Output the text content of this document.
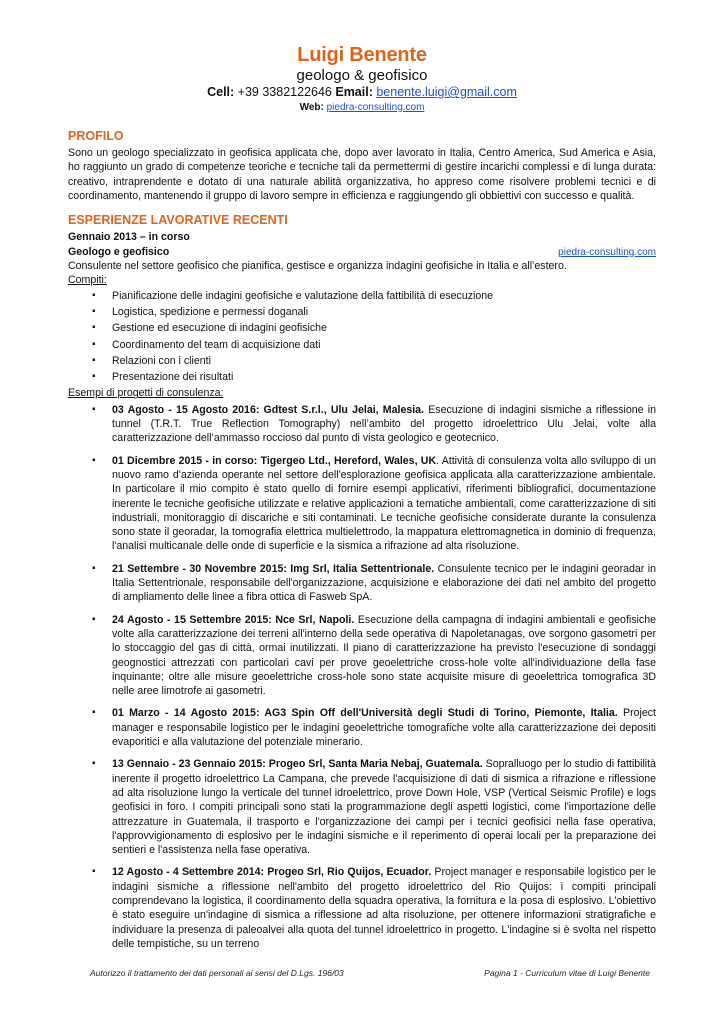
Luigi Benente

geologo & geofisico

Cell: +39 3382122646 Email: benente.luigi@gmail.com

Web: piedra-consulting.com

PROFILO

Sono un geologo specializzato in geofisica applicata che, dopo aver lavorato in Italia, Centro America, Sud America e Asia, ho raggiunto un grado di competenze teoriche e tecniche tali da permettermi di gestire incarichi complessi e di lunga durata: creativo, intraprendente e dotato di una naturale abilità organizzativa, ho appreso come risolvere problemi tecnici e di coordinamento, mantenendo il gruppo di lavoro sempre in efficienza e raggiungendo gli obbiettivi con successo e qualità.

ESPERIENZE LAVORATIVE RECENTI
Gennaio 2013 – in corso
Geologo e geofisico	piedra-consulting.com
Consulente nel settore geofisico che pianifica, gestisce e organizza indagini geofisiche in Italia e all’estero.

Compiti:

▪ Pianificazione delle indagini geofisiche e valutazione della fattibilità di esecuzione
▪ Logistica, spedizione e permessi doganali
▪ Gestione ed esecuzione di indagini geofisiche
▪ Coordinamento del team di acquisizione dati
▪ Relazioni con i clienti
▪ Presentazione dei risultati

Esempi di progetti di consulenza:

▪ 03 Agosto - 15 Agosto 2016: Gdtest S.r.l., Ulu Jelai, Malesia. Esecuzione di indagini sismiche a riflessione in tunnel (T.R.T. True Reflection Tomography) nell’ambito del progetto idroelettrico Ulu Jelai, volte alla caratterizzazione dell’ammasso roccioso dal punto di vista geologico e geotecnico.
▪ 01 Dicembre 2015 - in corso: Tigergeo Ltd., Hereford, Wales, UK. Attività di consulenza volta allo sviluppo di un nuovo ramo d'azienda operante nel settore dell'esplorazione geofisica applicata alla caratterizzazione ambientale. In particolare il mio compito è stato quello di fornire esempi applicativi, riferimenti bibliografici, documentazione inerente le tecniche geofisiche utilizzate e relative applicazioni a tematiche ambientali, come caratterizzazione di siti industriali, monitoraggio di discariche e siti contaminati. Le tecniche geofisiche considerate durante la consulenza sono state il georadar, la tomografia elettrica multielettrodo, la mappatura elettromagnetica in dominio di frequenza, l'analisi multicanale delle onde di superficie e la sismica a rifrazione ad alta risoluzione.
▪ 21 Settembre - 30 Novembre 2015: Img Srl, Italia Settentrionale. Consulente tecnico per le indagini georadar in Italia Settentrionale, responsabile dell'organizzazione, acquisizione e elaborazione dei dati nel ambito del progetto di ampliamento delle linee a fibra ottica di Fasweb SpA.
▪ 24 Agosto - 15 Settembre 2015: Nce Srl, Napoli. Esecuzione della campagna di indagini ambientali e geofisiche volte alla caratterizzazione dei terreni all'interno della sede operativa di Napoletanagas, ove sorgono gasometri per lo stoccaggio del gas di città, ormai inutilizzati. Il piano di caratterizzazione ha previsto l'esecuzione di sondaggi geognostici attrezzati con particolari cavi per prove geoelettriche cross-hole volte all'individuazione della fase inquinante; oltre alle misure geoelettriche cross-hole sono state acquisite misure di geoelettrica tomografica 3D nelle aree limotrofe ai gasometri.
▪ 01 Marzo - 14 Agosto 2015: AG3 Spin Off dell'Università degli Studi di Torino, Piemonte, Italia. Project manager e responsabile logistico per le indagini geoelettriche tomografiche volte alla caratterizzazione dei depositi evaporitici e alla valutazione del potenziale minerario.
▪ 13 Gennaio - 23 Gennaio 2015: Progeo Srl, Santa Maria Nebaj, Guatemala. Sopralluogo per lo studio di fattibilità inerente il progetto idroelettrico La Campana, che prevede l'acquisizione di dati di sismica a rifrazione e riflessione ad alta risoluzione lungo la verticale del tunnel idroelettrico, prove Down Hole, VSP (Vertical Seismic Profile) e logs geofisici in foro. I compiti principali sono stati la programmazione degli aspetti logistici, come l'importazione delle attrezzature in Guatemala, il trasporto e l'organizzazione dei campi per i tecnici geofisici nella fase operativa, l'approvvigionamento di esplosivo per le indagini sismiche e il reperimento di operai locali per la preparazione dei sentieri e l'assistenza nella fase operativa.
▪ 12 Agosto - 4 Settembre 2014: Progeo Srl, Rio Quijos, Ecuador. Project manager e responsabile logistico per le indagini sismiche a riflessione nell'ambito del progetto idroelettrico del Rio Quijos: i compiti principali comprendevano la logistica, il coordinamento della squadra operativa, la fornitura e la posa di esplosivo. L'obiettivo è stato eseguire un'indagine di sismica a riflessione ad alta risoluzione, per ottenere informazioni stratigrafiche e individuare la presenza di paleoalvei alla quota del tunnel idroelettrico in progetto. L'indagine si è svolta nel rispetto delle tempistiche, su un terreno
Autorizzo il trattamento dei dati personali ai sensi del D.Lgs. 196/03	Pagina 1 - Curriculum vitae di Luigi Benente
